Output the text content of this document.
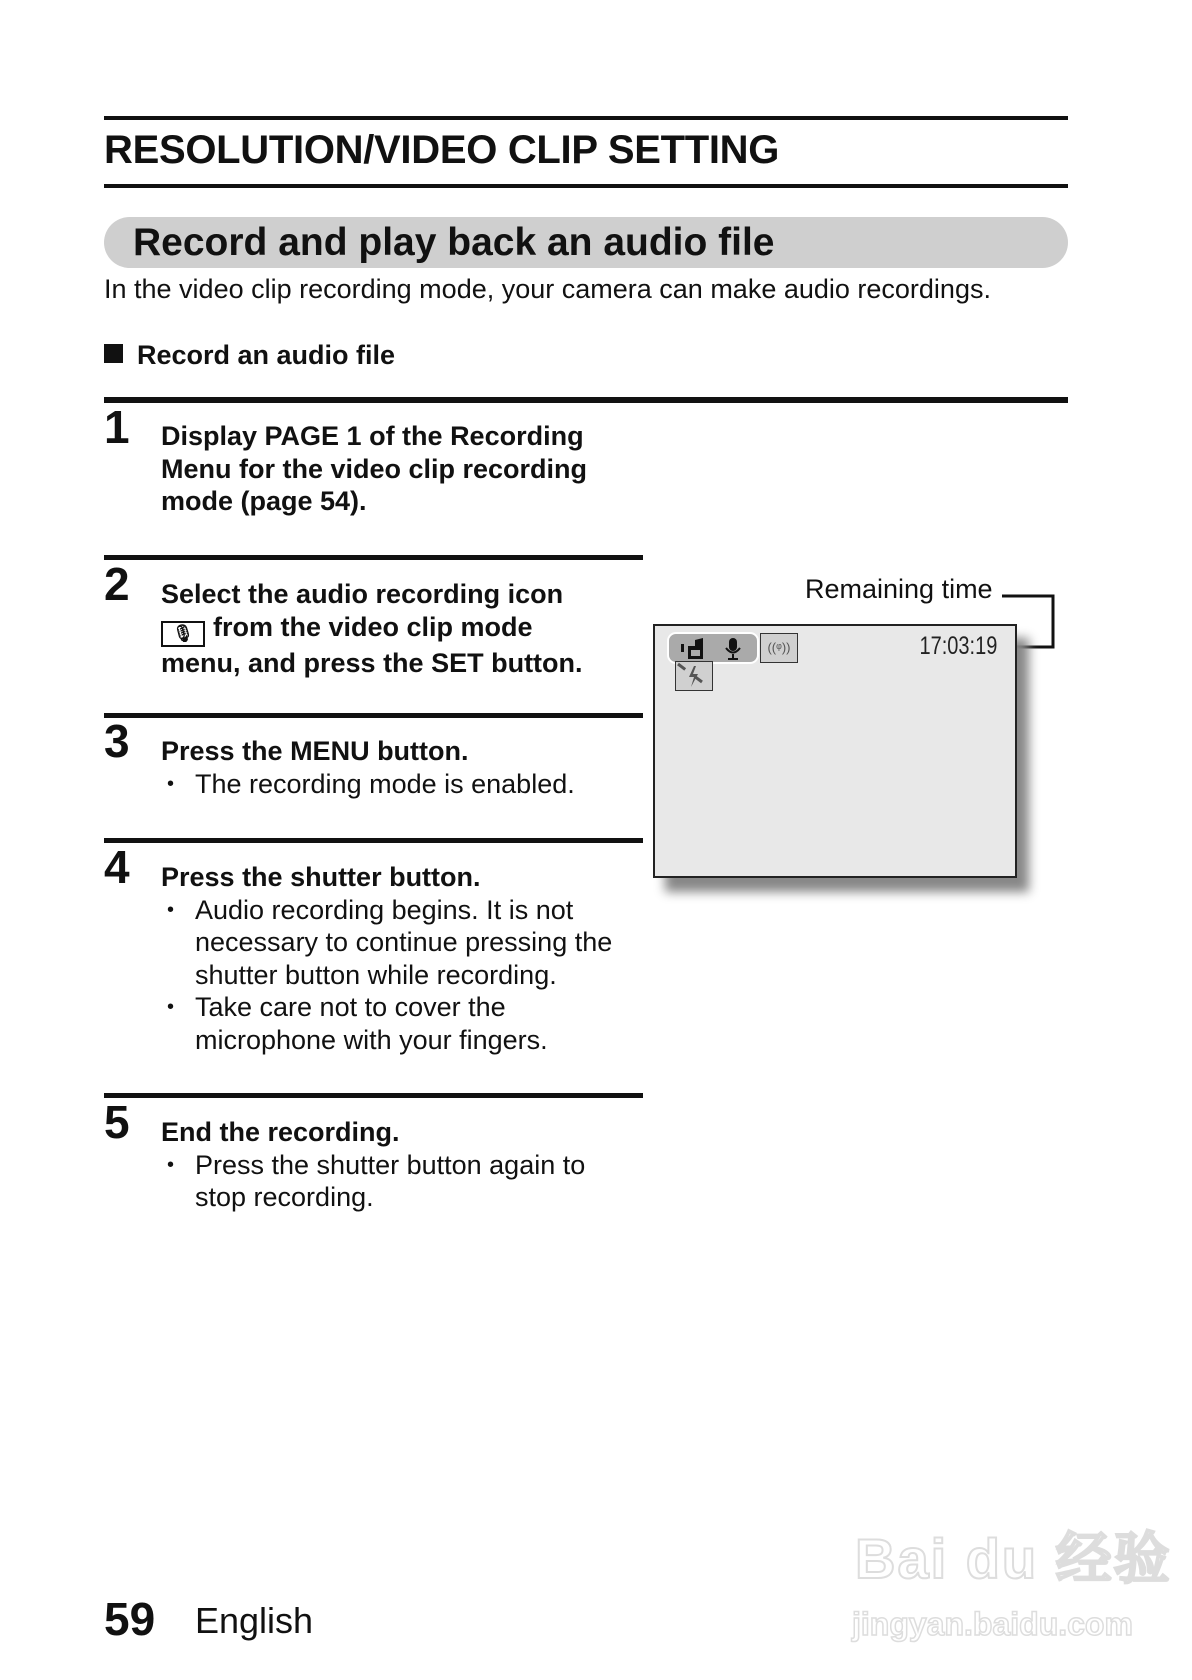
RESOLUTION/VIDEO CLIP SETTING
Record and play back an audio file
In the video clip recording mode, your camera can make audio recordings.
Record an audio file
1 Display PAGE 1 of the Recording
Menu for the video clip recording
mode (page 54).
2 Select the audio recording icon
🎙 from the video clip mode
menu, and press the SET button.
3 Press the MENU button.
• The recording mode is enabled.
4 Press the shutter button.
• Audio recording begins. It is not necessary to continue pressing the shutter button while recording.
• Take care not to cover the microphone with your fingers.
5 End the recording.
• Press the shutter button again to stop recording.
Remaining time
((ᵠ))	17:03:19
59 English
Bai du 经验
jingyan.baidu.com
